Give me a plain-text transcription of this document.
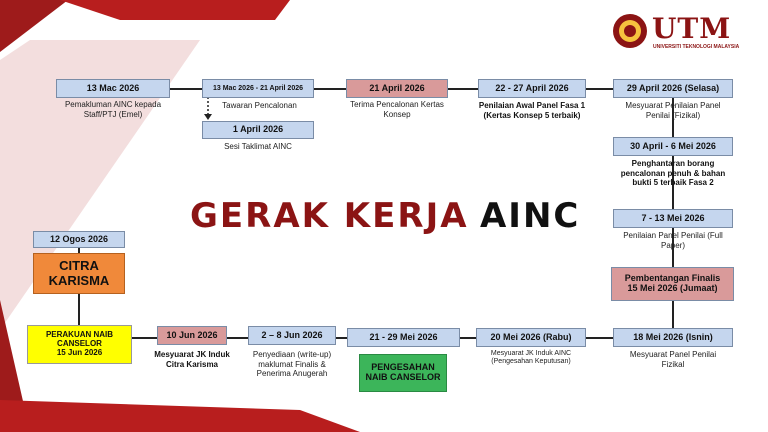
UTM
UNIVERSITI TEKNOLOGI MALAYSIA
GERAK KERJA AINC
13 Mac 2026
Pemakluman AINC kepada Staff/PTJ (Emel)
13 Mac 2026 - 21 April 2026
Tawaran Pencalonan
1 April 2026
Sesi Taklimat AINC
21 April 2026
Terima Pencalonan Kertas Konsep
22 - 27 April 2026
Penilaian Awal Panel Fasa 1 (Kertas Konsep 5 terbaik)
29 April 2026 (Selasa)
Mesyuarat Penilaian Panel Penilai (Fizikal)
30 April - 6 Mei 2026
Penghantaran borang pencalonan penuh & bahan bukti 5 terbaik Fasa 2
7 - 13 Mei 2026
Penilaian Panel Penilai (Full Paper)
Pembentangan Finalis
15 Mei 2026 (Jumaat)
18 Mei 2026 (Isnin)
Mesyuarat Panel Penilai Fizikal
20 Mei 2026 (Rabu)
Mesyuarat JK Induk AINC (Pengesahan Keputusan)
21 - 29 Mei 2026
PENGESAHAN NAIB CANSELOR
2 – 8 Jun 2026
Penyediaan (write-up) maklumat Finalis & Penerima Anugerah
10 Jun 2026
Mesyuarat JK Induk Citra Karisma
PERAKUAN NAIB CANSELOR
15 Jun 2026
12 Ogos 2026
CITRA KARISMA
